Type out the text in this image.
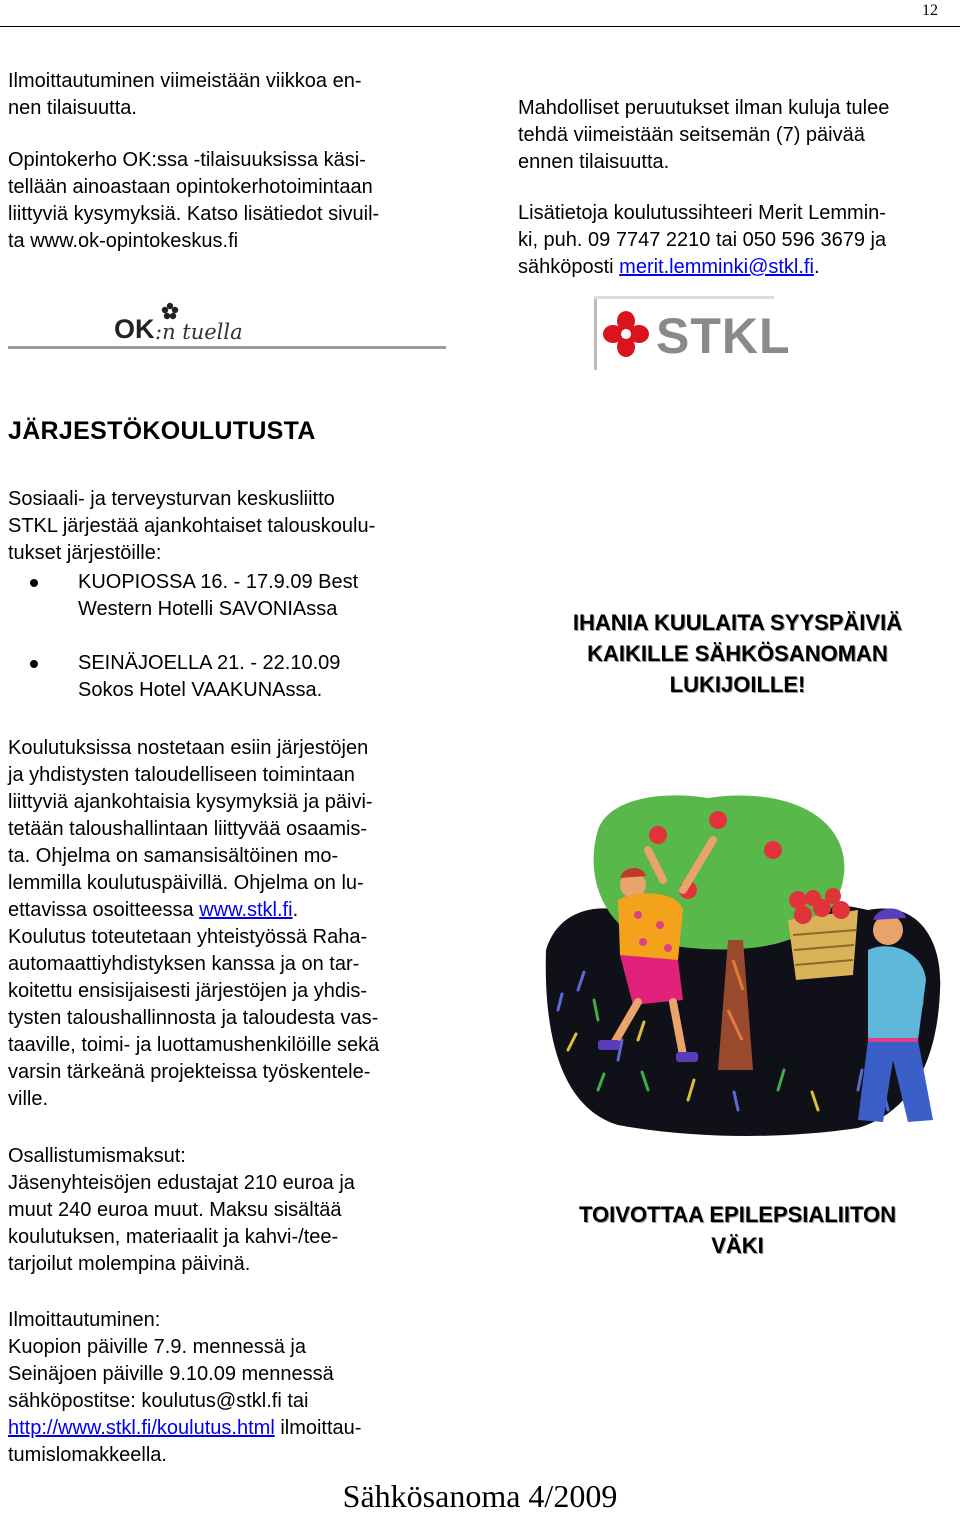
12
Ilmoittautuminen viimeistään viikkoa en-
nen tilaisuutta.
Opintokerho OK:ssa -tilaisuuksissa käsi-
tellään ainoastaan opintokerhotoimintaan
liittyviä kysymyksiä. Katso lisätiedot sivuil-
ta www.ok-opintokeskus.fi
Mahdolliset peruutukset ilman kuluja tulee
tehdä viimeistään seitsemän (7) päivää
ennen tilaisuutta.
Lisätietoja koulutussihteeri Merit Lemmin-
ki, puh. 09 7747 2210 tai 050 596 3679 ja
sähköposti merit.lemminki@stkl.fi.
OK :n tuella	STKL
JÄRJESTÖKOULUTUSTA
Sosiaali- ja terveysturvan keskusliitto
STKL järjestää ajankohtaiset talouskoulu-
tukset järjestöille:
KUOPIOSSA 16. - 17.9.09 Best
Western Hotelli SAVONIAssa
SEINÄJOELLA 21. - 22.10.09
Sokos Hotel VAAKUNAssa.
Koulutuksissa nostetaan esiin järjestöjen
ja yhdistysten taloudelliseen toimintaan
liittyviä ajankohtaisia kysymyksiä ja päivi-
tetään taloushallintaan liittyvää osaamis-
ta. Ohjelma on samansisältöinen mo-
lemmilla koulutuspäivillä. Ohjelma on lu-
ettavissa osoitteessa www.stkl.fi.
Koulutus toteutetaan yhteistyössä Raha-
automaattiyhdistyksen kanssa ja on tar-
koitettu ensisijaisesti järjestöjen ja yhdis-
tysten taloushallinnosta ja taloudesta vas-
taaville, toimi- ja luottamushenkilöille sekä
varsin tärkeänä projekteissa työskentele-
ville.
Osallistumismaksut:
Jäsenyhteisöjen edustajat 210 euroa ja
muut 240 euroa muut. Maksu sisältää
koulutuksen, materiaalit ja kahvi-/tee-
tarjoilut molempina päivinä.
Ilmoittautuminen:
Kuopion päiville 7.9. mennessä ja
Seinäjoen päiville 9.10.09 mennessä
sähköpostitse: koulutus@stkl.fi tai
http://www.stkl.fi/koulutus.html ilmoittau-
tumislomakkeella.
IHANIA KUULAITA SYYSPÄIVIÄ
KAIKILLE SÄHKÖSANOMAN
LUKIJOILLE!
TOIVOTTAA EPILEPSIALIITON
VÄKI
Sähkösanoma 4/2009
